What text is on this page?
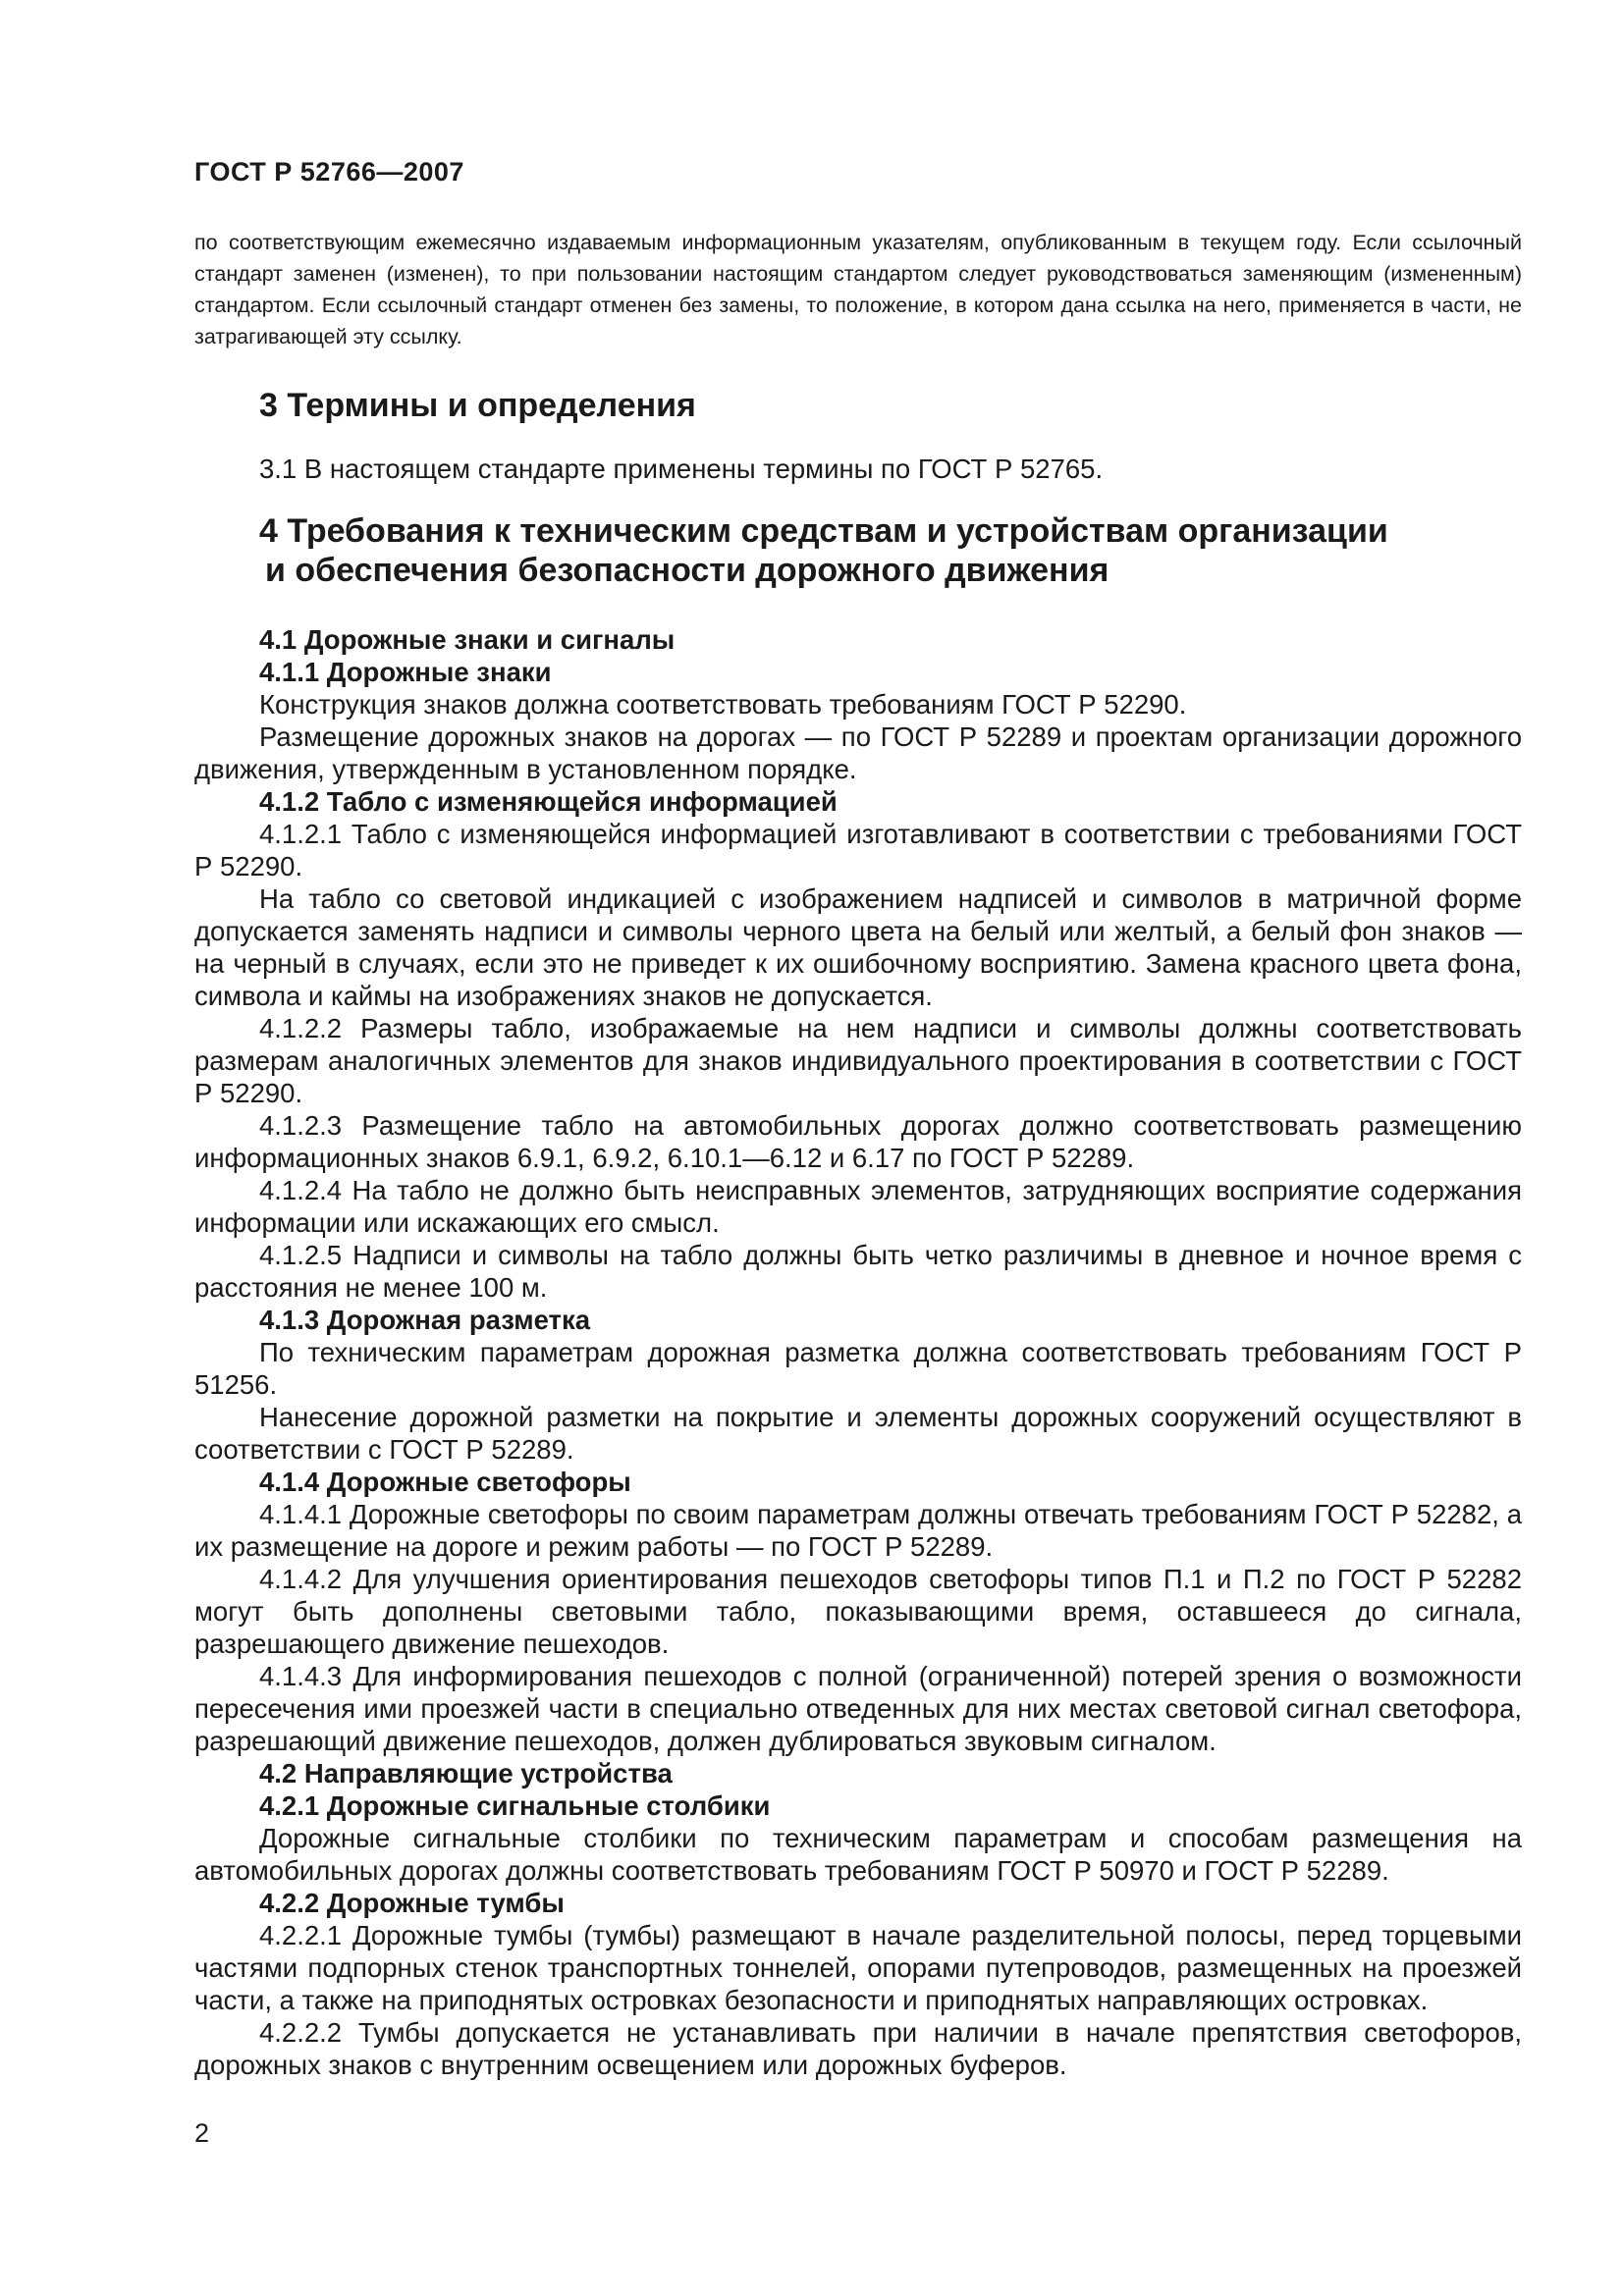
ГОСТ Р 52766—2007

по соответствующим ежемесячно издаваемым информационным указателям, опубликованным в текущем году. Если ссылочный стандарт заменен (изменен), то при пользовании настоящим стандартом следует руководствоваться заменяющим (измененным) стандартом. Если ссылочный стандарт отменен без замены, то положение, в котором дана ссылка на него, применяется в части, не затрагивающей эту ссылку.

3 Термины и определения

3.1 В настоящем стандарте применены термины по ГОСТ Р 52765.

4 Требования к техническим средствам и устройствам организации
и обеспечения безопасности дорожного движения
4.1 Дорожные знаки и сигналы
4.1.1 Дорожные знаки

Конструкция знаков должна соответствовать требованиям ГОСТ Р 52290.

Размещение дорожных знаков на дорогах — по ГОСТ Р 52289 и проектам организации дорожного движения, утвержденным в установленном порядке.

4.1.2 Табло с изменяющейся информацией

4.1.2.1 Табло с изменяющейся информацией изготавливают в соответствии с требованиями ГОСТ Р 52290.

На табло со световой индикацией с изображением надписей и символов в матричной форме допускается заменять надписи и символы черного цвета на белый или желтый, а белый фон знаков — на черный в случаях, если это не приведет к их ошибочному восприятию. Замена красного цвета фона, символа и каймы на изображениях знаков не допускается.

4.1.2.2 Размеры табло, изображаемые на нем надписи и символы должны соответствовать размерам аналогичных элементов для знаков индивидуального проектирования в соответствии с ГОСТ Р 52290.

4.1.2.3 Размещение табло на автомобильных дорогах должно соответствовать размещению информационных знаков 6.9.1, 6.9.2, 6.10.1—6.12 и 6.17 по ГОСТ Р 52289.

4.1.2.4 На табло не должно быть неисправных элементов, затрудняющих восприятие содержания информации или искажающих его смысл.

4.1.2.5 Надписи и символы на табло должны быть четко различимы в дневное и ночное время с расстояния не менее 100 м.

4.1.3 Дорожная разметка

По техническим параметрам дорожная разметка должна соответствовать требованиям ГОСТ Р 51256.

Нанесение дорожной разметки на покрытие и элементы дорожных сооружений осуществляют в соответствии с ГОСТ Р 52289.

4.1.4 Дорожные светофоры

4.1.4.1 Дорожные светофоры по своим параметрам должны отвечать требованиям ГОСТ Р 52282, а их размещение на дороге и режим работы — по ГОСТ Р 52289.

4.1.4.2 Для улучшения ориентирования пешеходов светофоры типов П.1 и П.2 по ГОСТ Р 52282 могут быть дополнены световыми табло, показывающими время, оставшееся до сигнала, разрешающего движение пешеходов.

4.1.4.3 Для информирования пешеходов с полной (ограниченной) потерей зрения о возможности пересечения ими проезжей части в специально отведенных для них местах световой сигнал светофора, разрешающий движение пешеходов, должен дублироваться звуковым сигналом.

4.2 Направляющие устройства
4.2.1 Дорожные сигнальные столбики

Дорожные сигнальные столбики по техническим параметрам и способам размещения на автомобильных дорогах должны соответствовать требованиям ГОСТ Р 50970 и ГОСТ Р 52289.

4.2.2 Дорожные тумбы

4.2.2.1 Дорожные тумбы (тумбы) размещают в начале разделительной полосы, перед торцевыми частями подпорных стенок транспортных тоннелей, опорами путепроводов, размещенных на проезжей части, а также на приподнятых островках безопасности и приподнятых направляющих островках.

4.2.2.2 Тумбы допускается не устанавливать при наличии в начале препятствия светофоров, дорожных знаков с внутренним освещением или дорожных буферов.

2
